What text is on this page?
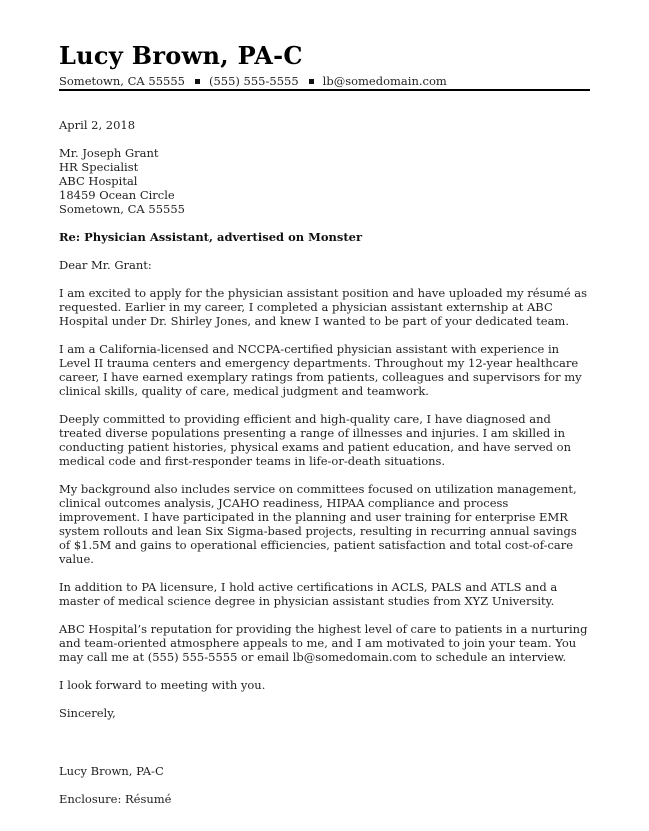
Lucy Brown, PA-C
Sometown, CA 55555 (555) 555-5555 lb@somedomain.com

April 2, 2018

Mr. Joseph Grant

HR Specialist

ABC Hospital

18459 Ocean Circle

Sometown, CA 55555

Re: Physician Assistant, advertised on Monster

Dear Mr. Grant:

I am excited to apply for the physician assistant position and have uploaded my résumé as requested. Earlier in my career, I completed a physician assistant externship at ABC Hospital under Dr. Shirley Jones, and knew I wanted to be part of your dedicated team.

I am a California-licensed and NCCPA-certified physician assistant with experience in Level II trauma centers and emergency departments. Throughout my 12-year healthcare career, I have earned exemplary ratings from patients, colleagues and supervisors for my clinical skills, quality of care, medical judgment and teamwork.

Deeply committed to providing efficient and high-quality care, I have diagnosed and treated diverse populations presenting a range of illnesses and injuries. I am skilled in conducting patient histories, physical exams and patient education, and have served on medical code and first-responder teams in life-or-death situations.

My background also includes service on committees focused on utilization management, clinical outcomes analysis, JCAHO readiness, HIPAA compliance and process improvement. I have participated in the planning and user training for enterprise EMR system rollouts and lean Six Sigma-based projects, resulting in recurring annual savings of $1.5M and gains to operational efficiencies, patient satisfaction and total cost-of-care value.

In addition to PA licensure, I hold active certifications in ACLS, PALS and ATLS and a master of medical science degree in physician assistant studies from XYZ University.

ABC Hospital’s reputation for providing the highest level of care to patients in a nurturing and team-oriented atmosphere appeals to me, and I am motivated to join your team. You may call me at (555) 555-5555 or email lb@somedomain.com to schedule an interview.

I look forward to meeting with you.

Sincerely,

Lucy Brown, PA-C

Enclosure: Résumé
